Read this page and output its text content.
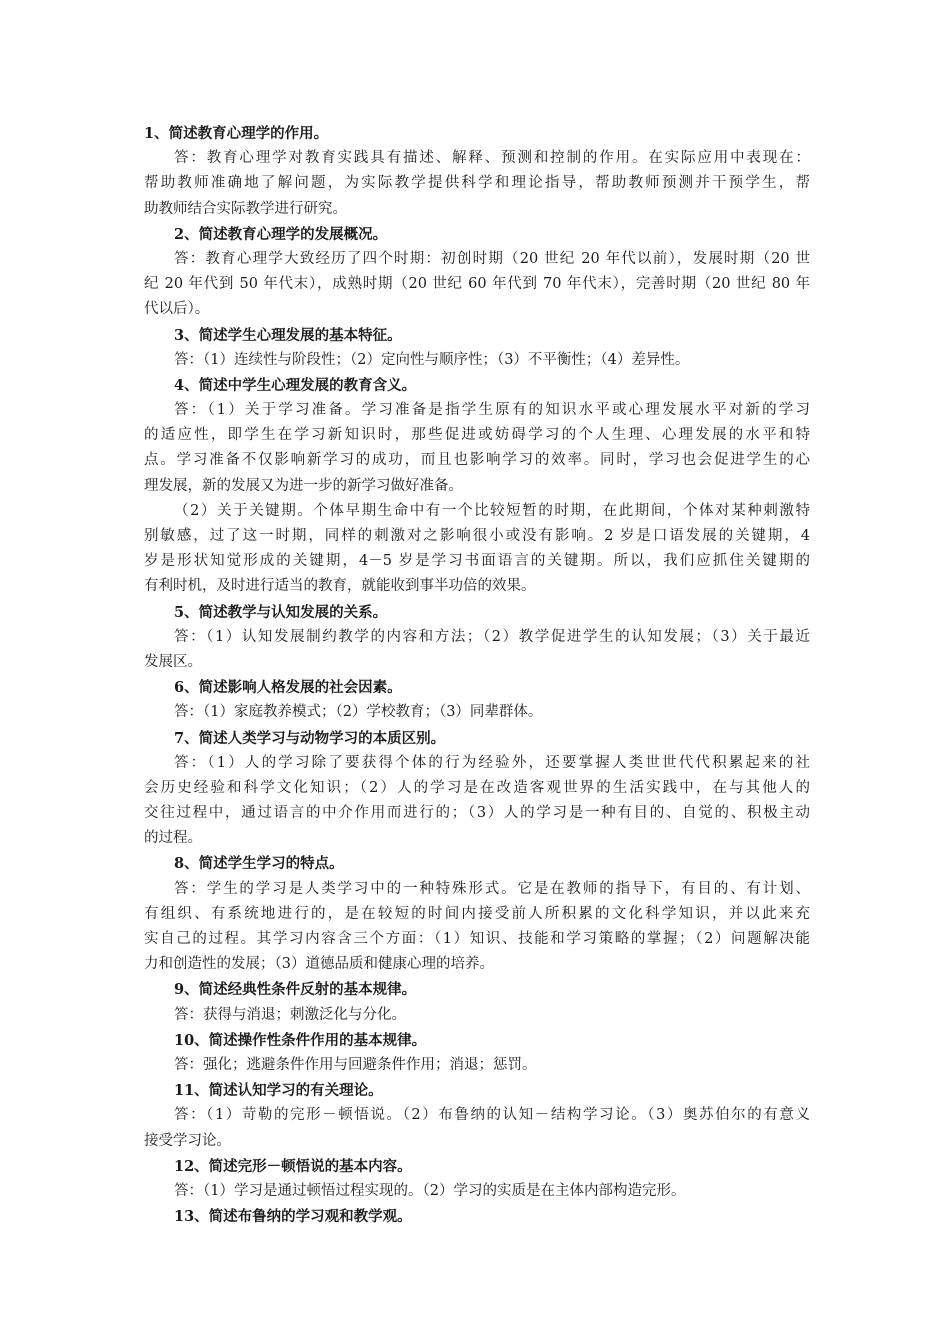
1、简述教育心理学的作用。
答：教育心理学对教育实践具有描述、解释、预测和控制的作用。在实际应用中表现在：
帮助教师准确地了解问题，为实际教学提供科学和理论指导，帮助教师预测并干预学生，帮
助教师结合实际教学进行研究。
2、简述教育心理学的发展概况。
答：教育心理学大致经历了四个时期：初创时期（20 世纪 20 年代以前），发展时期（20 世
纪 20 年代到 50 年代末），成熟时期（20 世纪 60 年代到 70 年代末），完善时期（20 世纪 80 年
代以后）。
3、简述学生心理发展的基本特征。
答：（1）连续性与阶段性；（2）定向性与顺序性；（3）不平衡性；（4）差异性。
4、简述中学生心理发展的教育含义。
答：（1）关于学习准备。学习准备是指学生原有的知识水平或心理发展水平对新的学习
的适应性，即学生在学习新知识时，那些促进或妨碍学习的个人生理、心理发展的水平和特
点。学习准备不仅影响新学习的成功，而且也影响学习的效率。同时，学习也会促进学生的心
理发展，新的发展又为进一步的新学习做好准备。
（2）关于关键期。个体早期生命中有一个比较短暂的时期，在此期间，个体对某种刺激特
别敏感，过了这一时期，同样的刺激对之影响很小或没有影响。2 岁是口语发展的关键期，4
岁是形状知觉形成的关键期，4－5 岁是学习书面语言的关键期。所以，我们应抓住关键期的
有利时机，及时进行适当的教育，就能收到事半功倍的效果。
5、简述教学与认知发展的关系。
答：（1）认知发展制约教学的内容和方法；（2）教学促进学生的认知发展；（3）关于最近
发展区。
6、简述影响人格发展的社会因素。
答：（1）家庭教养模式；（2）学校教育；（3）同辈群体。
7、简述人类学习与动物学习的本质区别。
答：（1）人的学习除了要获得个体的行为经验外，还要掌握人类世世代代积累起来的社
会历史经验和科学文化知识；（2）人的学习是在改造客观世界的生活实践中，在与其他人的
交往过程中，通过语言的中介作用而进行的；（3）人的学习是一种有目的、自觉的、积极主动
的过程。
8、简述学生学习的特点。
答：学生的学习是人类学习中的一种特殊形式。它是在教师的指导下，有目的、有计划、
有组织、有系统地进行的，是在较短的时间内接受前人所积累的文化科学知识，并以此来充
实自己的过程。其学习内容含三个方面：（1）知识、技能和学习策略的掌握；（2）问题解决能
力和创造性的发展；（3）道德品质和健康心理的培养。
9、简述经典性条件反射的基本规律。
答：获得与消退；刺激泛化与分化。
10、简述操作性条件作用的基本规律。
答：强化；逃避条件作用与回避条件作用；消退；惩罚。
11、简述认知学习的有关理论。
答：（1）苛勒的完形－顿悟说。（2）布鲁纳的认知－结构学习论。（3）奥苏伯尔的有意义
接受学习论。
12、简述完形－顿悟说的基本内容。
答：（1）学习是通过顿悟过程实现的。（2）学习的实质是在主体内部构造完形。
13、简述布鲁纳的学习观和教学观。
